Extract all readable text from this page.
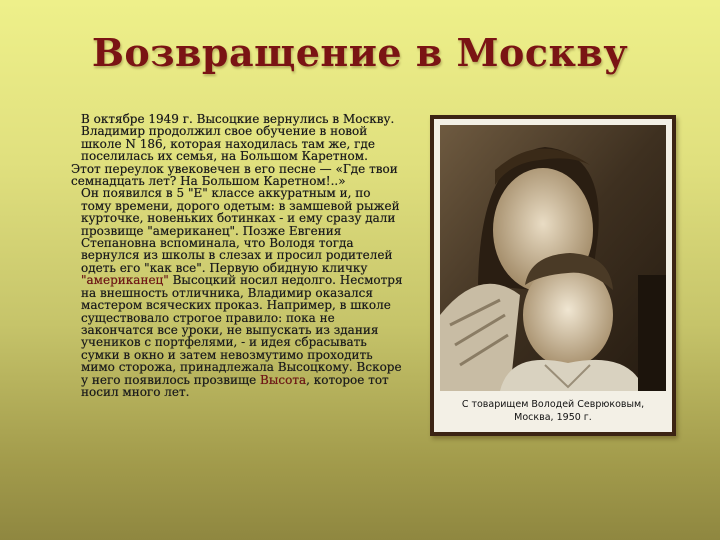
Возвращение в Москву

В октябре 1949 г. Высоцкие вернулись в Москву. Владимир продолжил свое обучение в новой школе N 186, которая находилась там же, где поселилась их семья, на Большом Каретном.

Этот переулок увековечен в его песне — «Где твои семнадцать лет? На Большом Каретном!..»

Он появился в 5 "Е" классе аккуратным и, по тому времени, дорого одетым: в замшевой рыжей курточке, новеньких ботинках - и ему сразу дали прозвище "американец". Позже Евгения Степановна вспоминала, что Володя тогда вернулся из школы в слезах и просил родителей одеть его "как все". Первую обидную кличку "американец" Высоцкий носил недолго. Несмотря на внешность отличника, Владимир оказался мастером всяческих проказ. Например, в школе существовало строгое правило: пока не закончатся все уроки, не выпускать из здания учеников с портфелями, - и идея сбрасывать сумки в окно и затем невозмутимо проходить мимо сторожа, принадлежала Высоцкому. Вскоре у него появилось прозвище Высота, которое тот носил много лет.

С товарищем Володей Севрюковым,
Москва, 1950 г.
